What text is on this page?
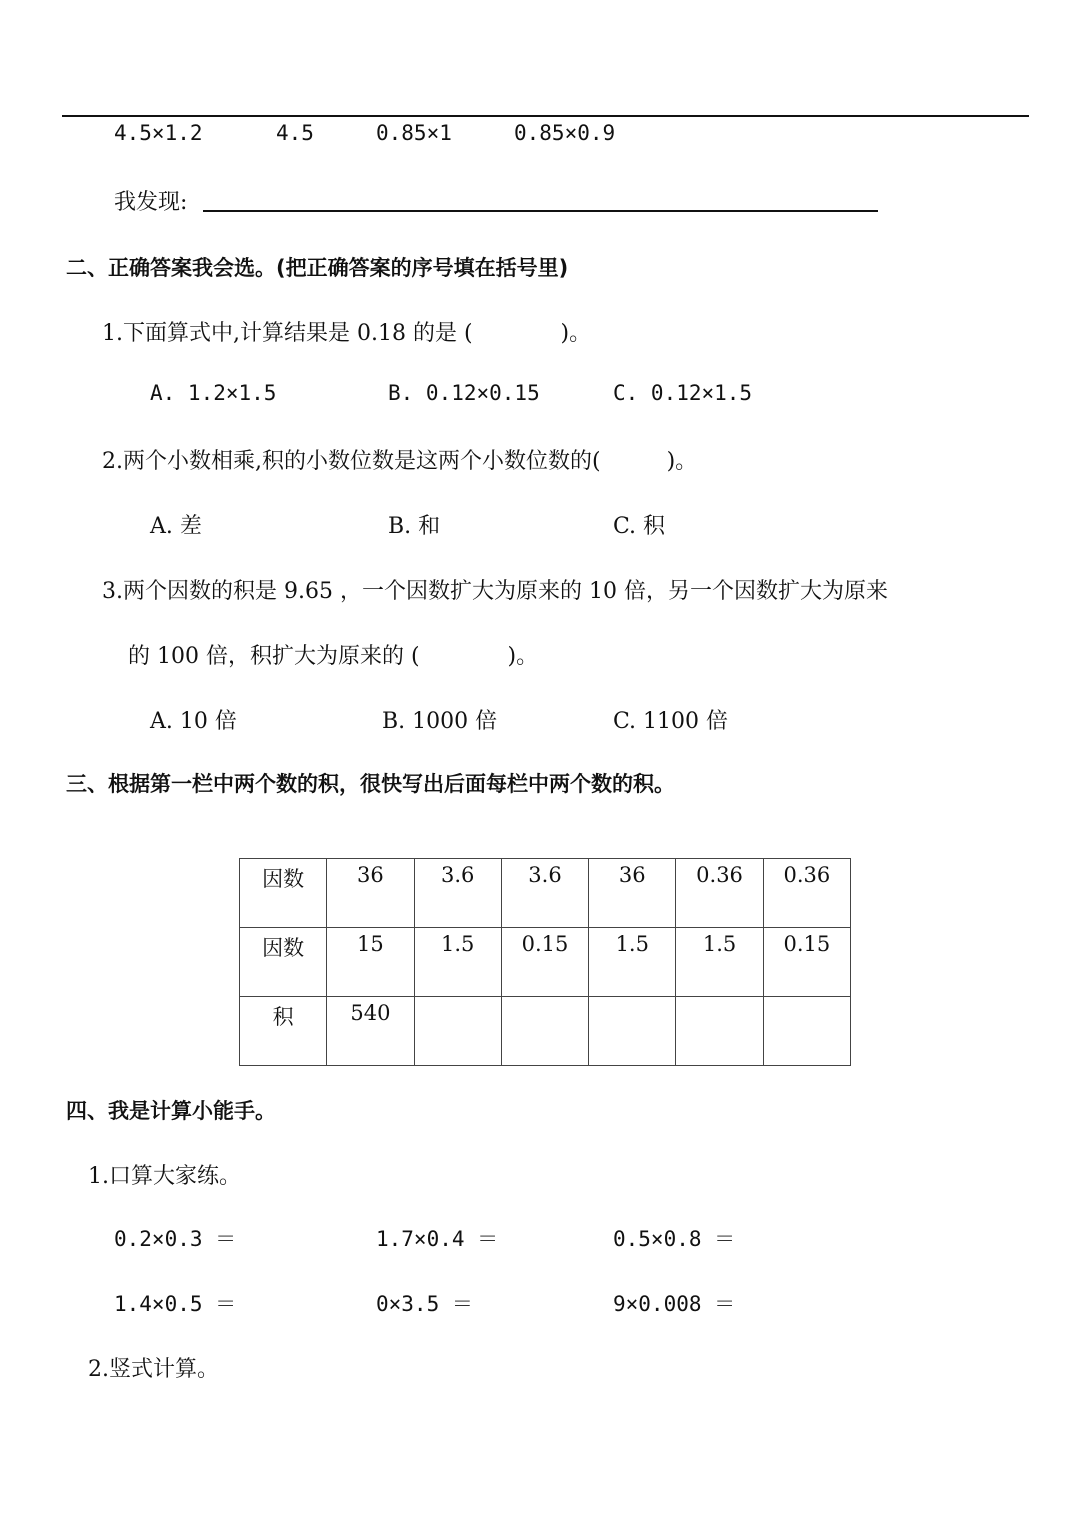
4.5×1.2	4.5	0.85×1	0.85×0.9
我发现:
二、正确答案我会选。(把正确答案的序号填在括号里)
1.下面算式中,计算结果是 0.18 的是 (　　　　)。
A. 1.2×1.5	B. 0.12×0.15	C. 0.12×1.5
2.两个小数相乘,积的小数位数是这两个小数位数的(　　　)。
A. 差	B. 和	C. 积
3.两个因数的积是 9.65 ，一个因数扩大为原来的 10 倍，另一个因数扩大为原来
的 100 倍，积扩大为原来的 (　　　　)。
A. 10 倍	B. 1000 倍	C. 1100 倍
三、根据第一栏中两个数的积，很快写出后面每栏中两个数的积。
因数	36	3.6	3.6	36	0.36	0.36
因数	15	1.5	0.15	1.5	1.5	0.15
积	540					
四、我是计算小能手。
1.口算大家练。
0.2×0.3 ＝	1.7×0.4 ＝	0.5×0.8 ＝
1.4×0.5 ＝	0×3.5 ＝	9×0.008 ＝
2.竖式计算。
